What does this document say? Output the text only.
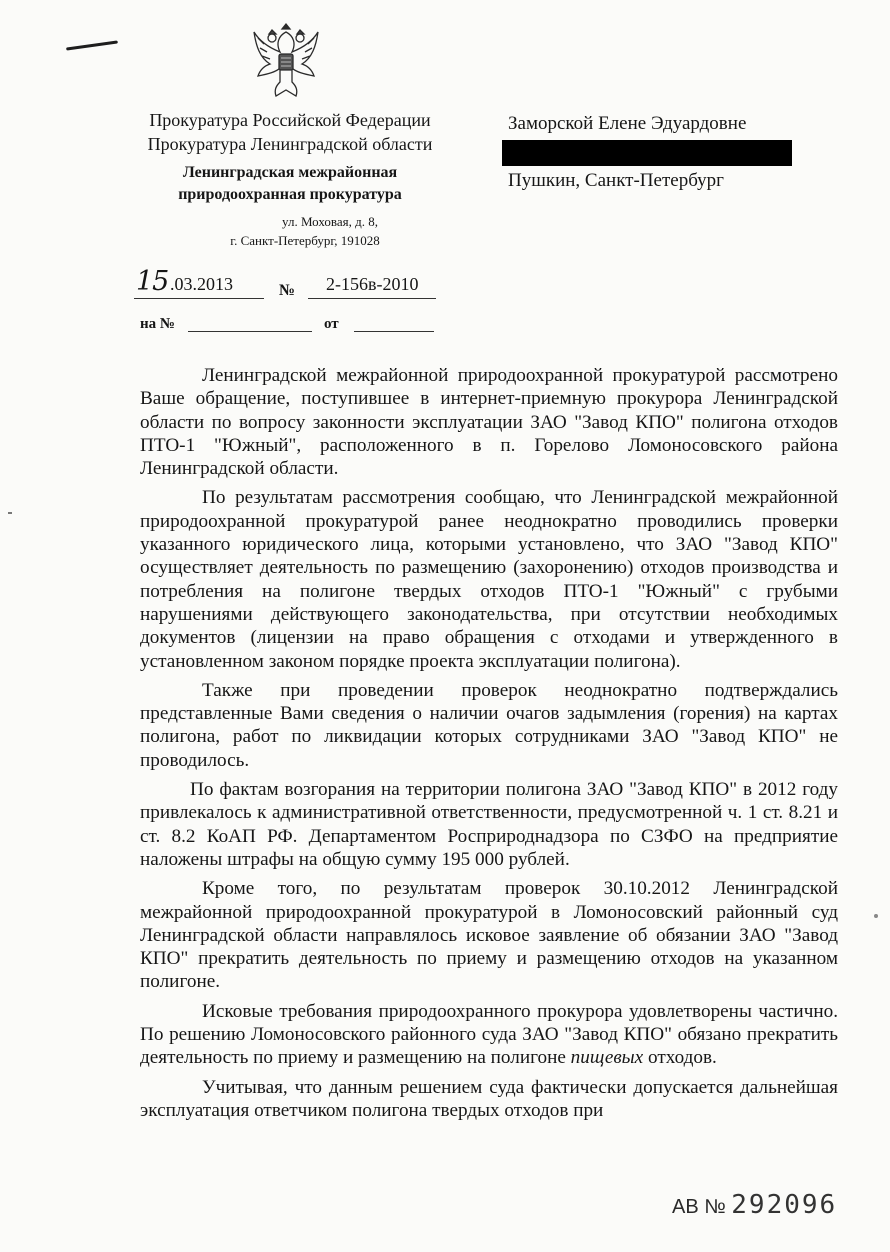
Прокуратура Российской Федерации
Прокуратура Ленинградской области
Ленинградская межрайонная
природоохранная прокуратура
ул. Моховая, д. 8,
г. Санкт-Петербург, 191028
Заморской Елене Эдуардовне
Пушкин, Санкт-Петербург
15 .03.2013	№ 2-156в-2010
на №	от

Ленинградской межрайонной природоохранной прокуратурой рассмотрено Ваше обращение, поступившее в интернет-приемную прокурора Ленинградской области по вопросу законности эксплуатации ЗАО "Завод КПО" полигона отходов ПТО-1 "Южный", расположенного в п. Горелово Ломоносовского района Ленинградской области.

По результатам рассмотрения сообщаю, что Ленинградской межрайонной природоохранной прокуратурой ранее неоднократно проводились проверки указанного юридического лица, которыми установлено, что ЗАО "Завод КПО" осуществляет деятельность по размещению (захоронению) отходов производства и потребления на полигоне твердых отходов ПТО-1 "Южный" с грубыми нарушениями действующего законодательства, при отсутствии необходимых документов (лицензии на право обращения с отходами и утвержденного в установленном законом порядке проекта эксплуатации полигона).

Также при проведении проверок неоднократно подтверждались представленные Вами сведения о наличии очагов задымления (горения) на картах полигона, работ по ликвидации которых сотрудниками ЗАО "Завод КПО" не проводилось.

По фактам возгорания на территории полигона ЗАО "Завод КПО" в 2012 году привлекалось к административной ответственности, предусмотренной ч. 1 ст. 8.21 и ст. 8.2 КоАП РФ. Департаментом Росприроднадзора по СЗФО на предприятие наложены штрафы на общую сумму 195 000 рублей.

Кроме того, по результатам проверок 30.10.2012 Ленинградской межрайонной природоохранной прокуратурой в Ломоносовский районный суд Ленинградской области направлялось исковое заявление об обязании ЗАО "Завод КПО" прекратить деятельность по приему и размещению отходов на указанном полигоне.

Исковые требования природоохранного прокурора удовлетворены частично. По решению Ломоносовского районного суда ЗАО "Завод КПО" обязано прекратить деятельность по приему и размещению на полигоне пищевых отходов.

Учитывая, что данным решением суда фактически допускается дальнейшая эксплуатация ответчиком полигона твердых отходов при

АВ № 292096
